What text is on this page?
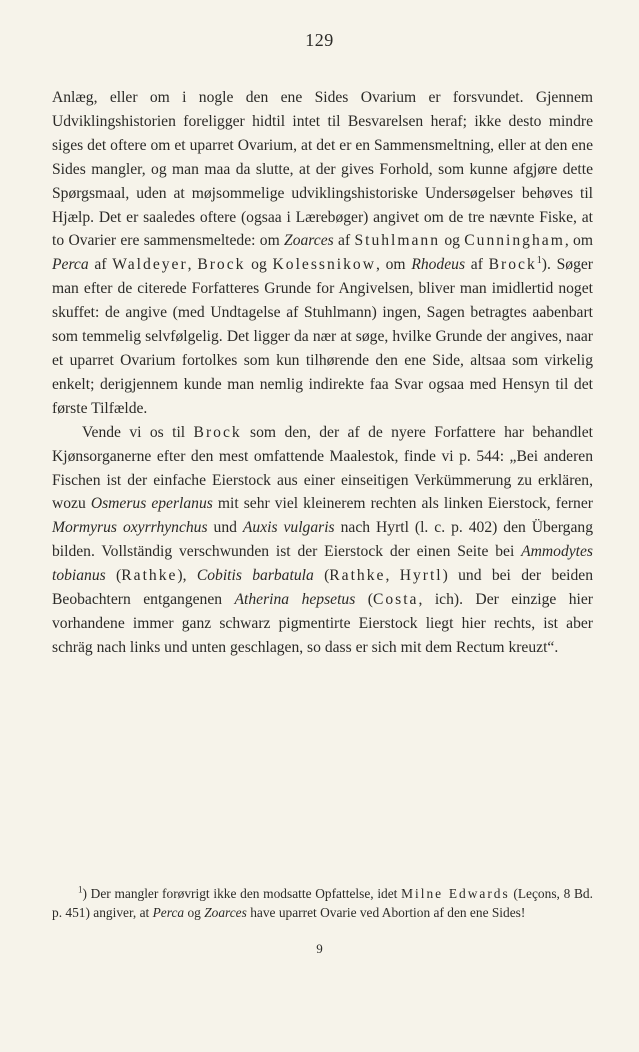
129

Anlæg, eller om i nogle den ene Sides Ovarium er forsvundet. Gjennem Udviklingshistorien foreligger hidtil intet til Besvarelsen heraf; ikke desto mindre siges det oftere om et uparret Ovarium, at det er en Sammensmeltning, eller at den ene Sides mangler, og man maa da slutte, at der gives Forhold, som kunne afgjøre dette Spørgsmaal, uden at møjsommelige udviklingshistoriske Undersøgelser behøves til Hjælp. Det er saaledes oftere (ogsaa i Lærebøger) angivet om de tre nævnte Fiske, at to Ovarier ere sammensmeltede: om Zoarces af Stuhlmann og Cunningham, om Perca af Waldeyer, Brock og Kolessnikow, om Rhodeus af Brock$^1$). Søger man efter de citerede Forfatteres Grunde for Angivelsen, bliver man imidlertid noget skuffet: de angive (med Undtagelse af Stuhlmann) ingen, Sagen betragtes aabenbart som temmelig selvfølgelig. Det ligger da nær at søge, hvilke Grunde der angives, naar et uparret Ovarium fortolkes som kun tilhørende den ene Side, altsaa som virkelig enkelt; derigjennem kunde man nemlig indirekte faa Svar ogsaa med Hensyn til det første Tilfælde.

Vende vi os til Brock som den, der af de nyere Forfattere har behandlet Kjønsorganerne efter den mest omfattende Maalestok, finde vi p. 544: „Bei anderen Fischen ist der einfache Eierstock aus einer einseitigen Verkümmerung zu erklären, wozu Osmerus eperlanus mit sehr viel kleinerem rechten als linken Eierstock, ferner Mormyrus oxyrrhynchus und Auxis vulgaris nach Hyrtl (l. c. p. 402) den Übergang bilden. Vollständig verschwunden ist der Eierstock der einen Seite bei Ammodytes tobianus (Rathke), Cobitis barbatula (Rathke, Hyrtl) und bei der beiden Beobachtern entgangenen Atherina hepsetus (Costa, ich). Der einzige hier vorhandene immer ganz schwarz pigmentirte Eierstock liegt hier rechts, ist aber schräg nach links und unten geschlagen, so dass er sich mit dem Rectum kreuzt“.

$^1$) Der mangler forøvrigt ikke den modsatte Opfattelse, idet Milne Edwards (Leçons, 8 Bd. p. 451) angiver, at Perca og Zoarces have uparret Ovarie ved Abortion af den ene Sides!
9
